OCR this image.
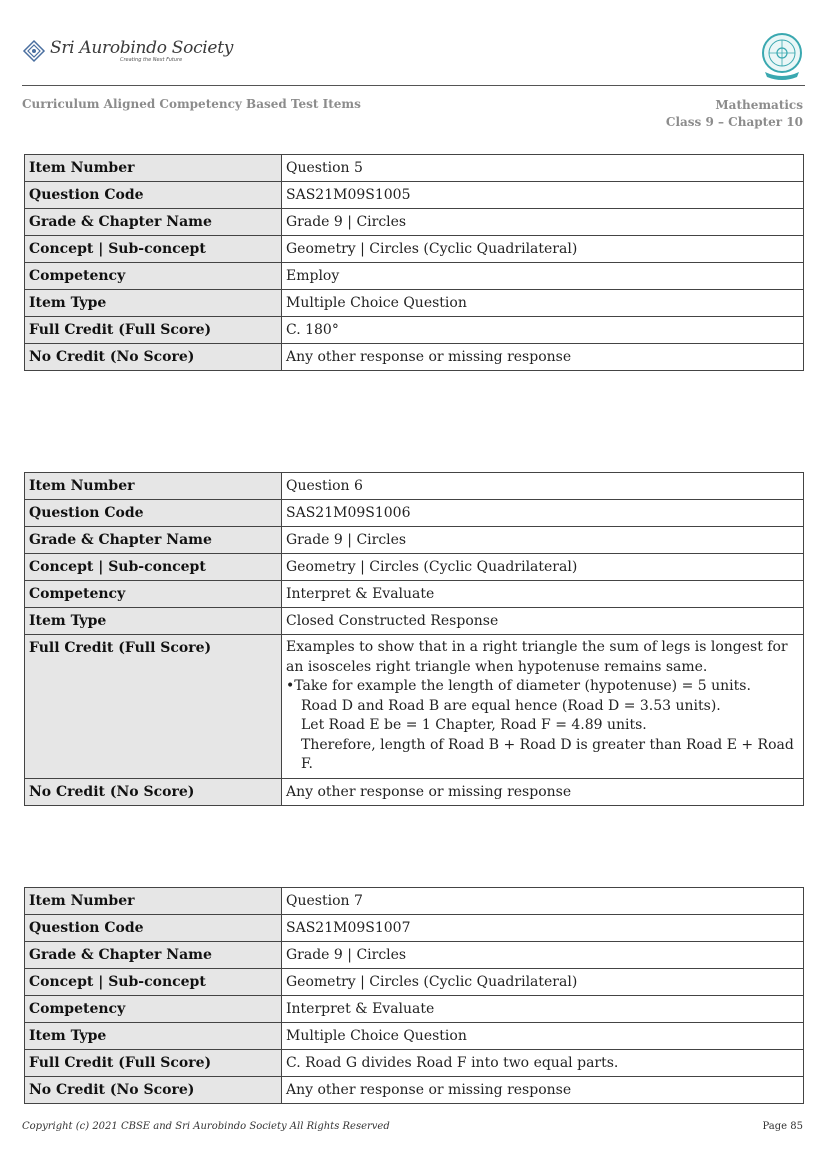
Sri Aurobindo Society
Creating the Next Future
Curriculum Aligned Competency Based Test Items	Mathematics
Class 9 – Chapter 10
Item Number	Question 5
Question Code	SAS21M09S1005
Grade & Chapter Name	Grade 9 | Circles
Concept | Sub-concept	Geometry | Circles (Cyclic Quadrilateral)
Competency	Employ
Item Type	Multiple Choice Question
Full Credit (Full Score)	C. 180°
No Credit (No Score)	Any other response or missing response
Item Number	Question 6
Question Code	SAS21M09S1006
Grade & Chapter Name	Grade 9 | Circles
Concept | Sub-concept	Geometry | Circles (Cyclic Quadrilateral)
Competency	Interpret & Evaluate
Item Type	Closed Constructed Response
Full Credit (Full Score)	Examples to show that in a right triangle the sum of legs is longest for an isosceles right triangle when hypotenuse remains same.
•Take for example the length of diameter (hypotenuse) = 5 units.
Road D and Road B are equal hence (Road D = 3.53 units).
Let Road E be = 1 Chapter, Road F = 4.89 units.
Therefore, length of Road B + Road D is greater than Road E + Road F.

No Credit (No Score)	Any other response or missing response
Item Number	Question 7
Question Code	SAS21M09S1007
Grade & Chapter Name	Grade 9 | Circles
Concept | Sub-concept	Geometry | Circles (Cyclic Quadrilateral)
Competency	Interpret & Evaluate
Item Type	Multiple Choice Question
Full Credit (Full Score)	C. Road G divides Road F into two equal parts.
No Credit (No Score)	Any other response or missing response
Copyright (c) 2021 CBSE and Sri Aurobindo Society All Rights Reserved	Page 85
